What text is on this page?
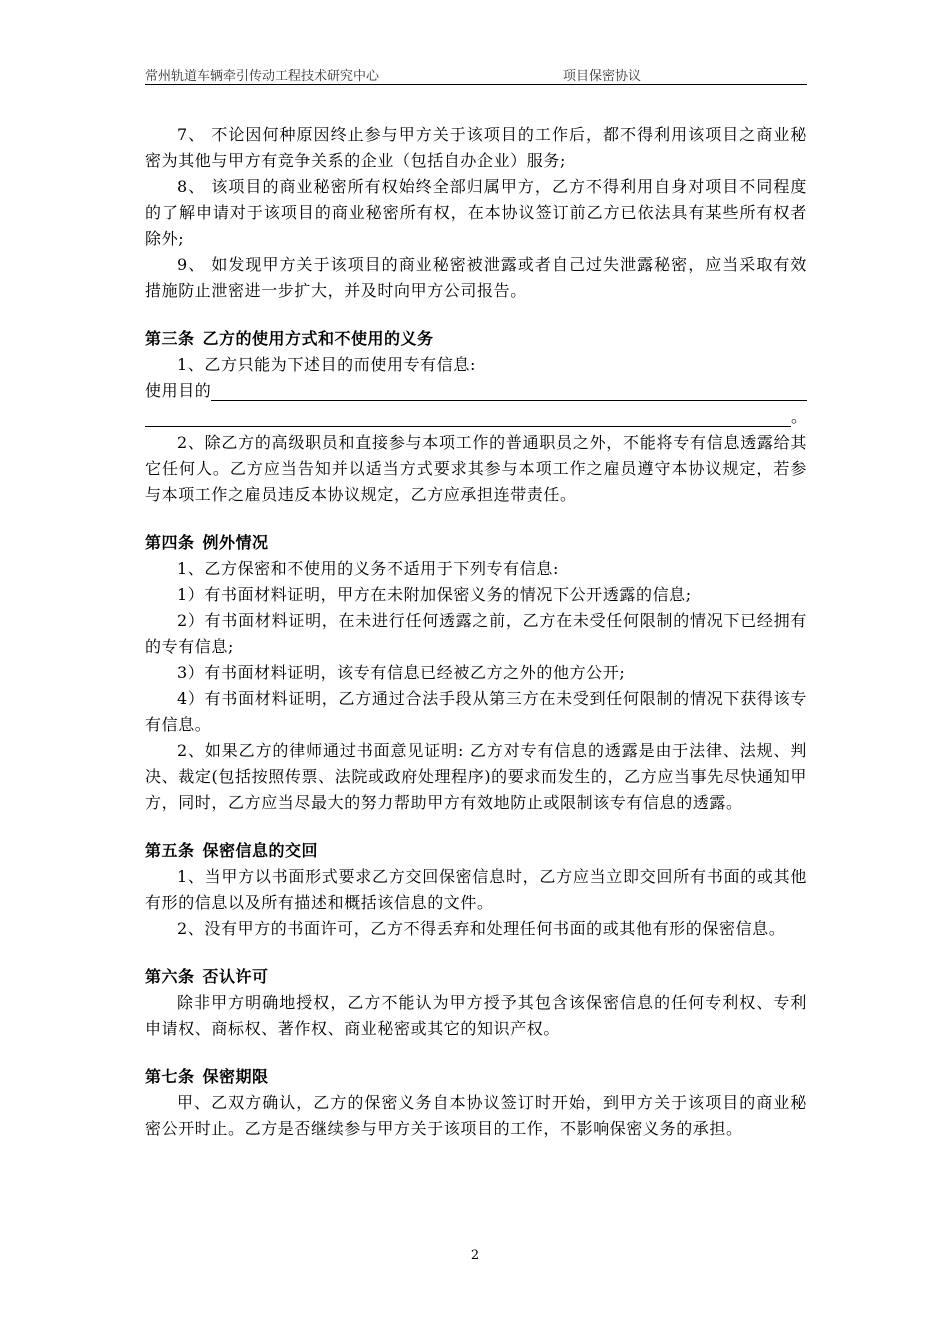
常州轨道车辆牵引传动工程技术研究中心	项目保密协议

7、 不论因何种原因终止参与甲方关于该项目的工作后，都不得利用该项目之商业秘密为其他与甲方有竞争关系的企业（包括自办企业）服务;

8、 该项目的商业秘密所有权始终全部归属甲方，乙方不得利用自身对项目不同程度的了解申请对于该项目的商业秘密所有权，在本协议签订前乙方已依法具有某些所有权者除外;

9、 如发现甲方关于该项目的商业秘密被泄露或者自己过失泄露秘密，应当采取有效措施防止泄密进一步扩大，并及时向甲方公司报告。

第三条 乙方的使用方式和不使用的义务

1、乙方只能为下述目的而使用专有信息:

使用目的
。

2、除乙方的高级职员和直接参与本项工作的普通职员之外，不能将专有信息透露给其它任何人。乙方应当告知并以适当方式要求其参与本项工作之雇员遵守本协议规定，若参与本项工作之雇员违反本协议规定，乙方应承担连带责任。

第四条 例外情况

1、乙方保密和不使用的义务不适用于下列专有信息:

1）有书面材料证明，甲方在未附加保密义务的情况下公开透露的信息;

2）有书面材料证明，在未进行任何透露之前，乙方在未受任何限制的情况下已经拥有的专有信息;

3）有书面材料证明，该专有信息已经被乙方之外的他方公开;

4）有书面材料证明，乙方通过合法手段从第三方在未受到任何限制的情况下获得该专有信息。

2、如果乙方的律师通过书面意见证明: 乙方对专有信息的透露是由于法律、法规、判决、裁定(包括按照传票、法院或政府处理程序)的要求而发生的，乙方应当事先尽快通知甲方，同时，乙方应当尽最大的努力帮助甲方有效地防止或限制该专有信息的透露。

第五条 保密信息的交回

1、当甲方以书面形式要求乙方交回保密信息时，乙方应当立即交回所有书面的或其他有形的信息以及所有描述和概括该信息的文件。

2、没有甲方的书面许可，乙方不得丢弃和处理任何书面的或其他有形的保密信息。

第六条 否认许可

除非甲方明确地授权，乙方不能认为甲方授予其包含该保密信息的任何专利权、专利申请权、商标权、著作权、商业秘密或其它的知识产权。

第七条 保密期限

甲、乙双方确认，乙方的保密义务自本协议签订时开始，到甲方关于该项目的商业秘密公开时止。乙方是否继续参与甲方关于该项目的工作，不影响保密义务的承担。

2
